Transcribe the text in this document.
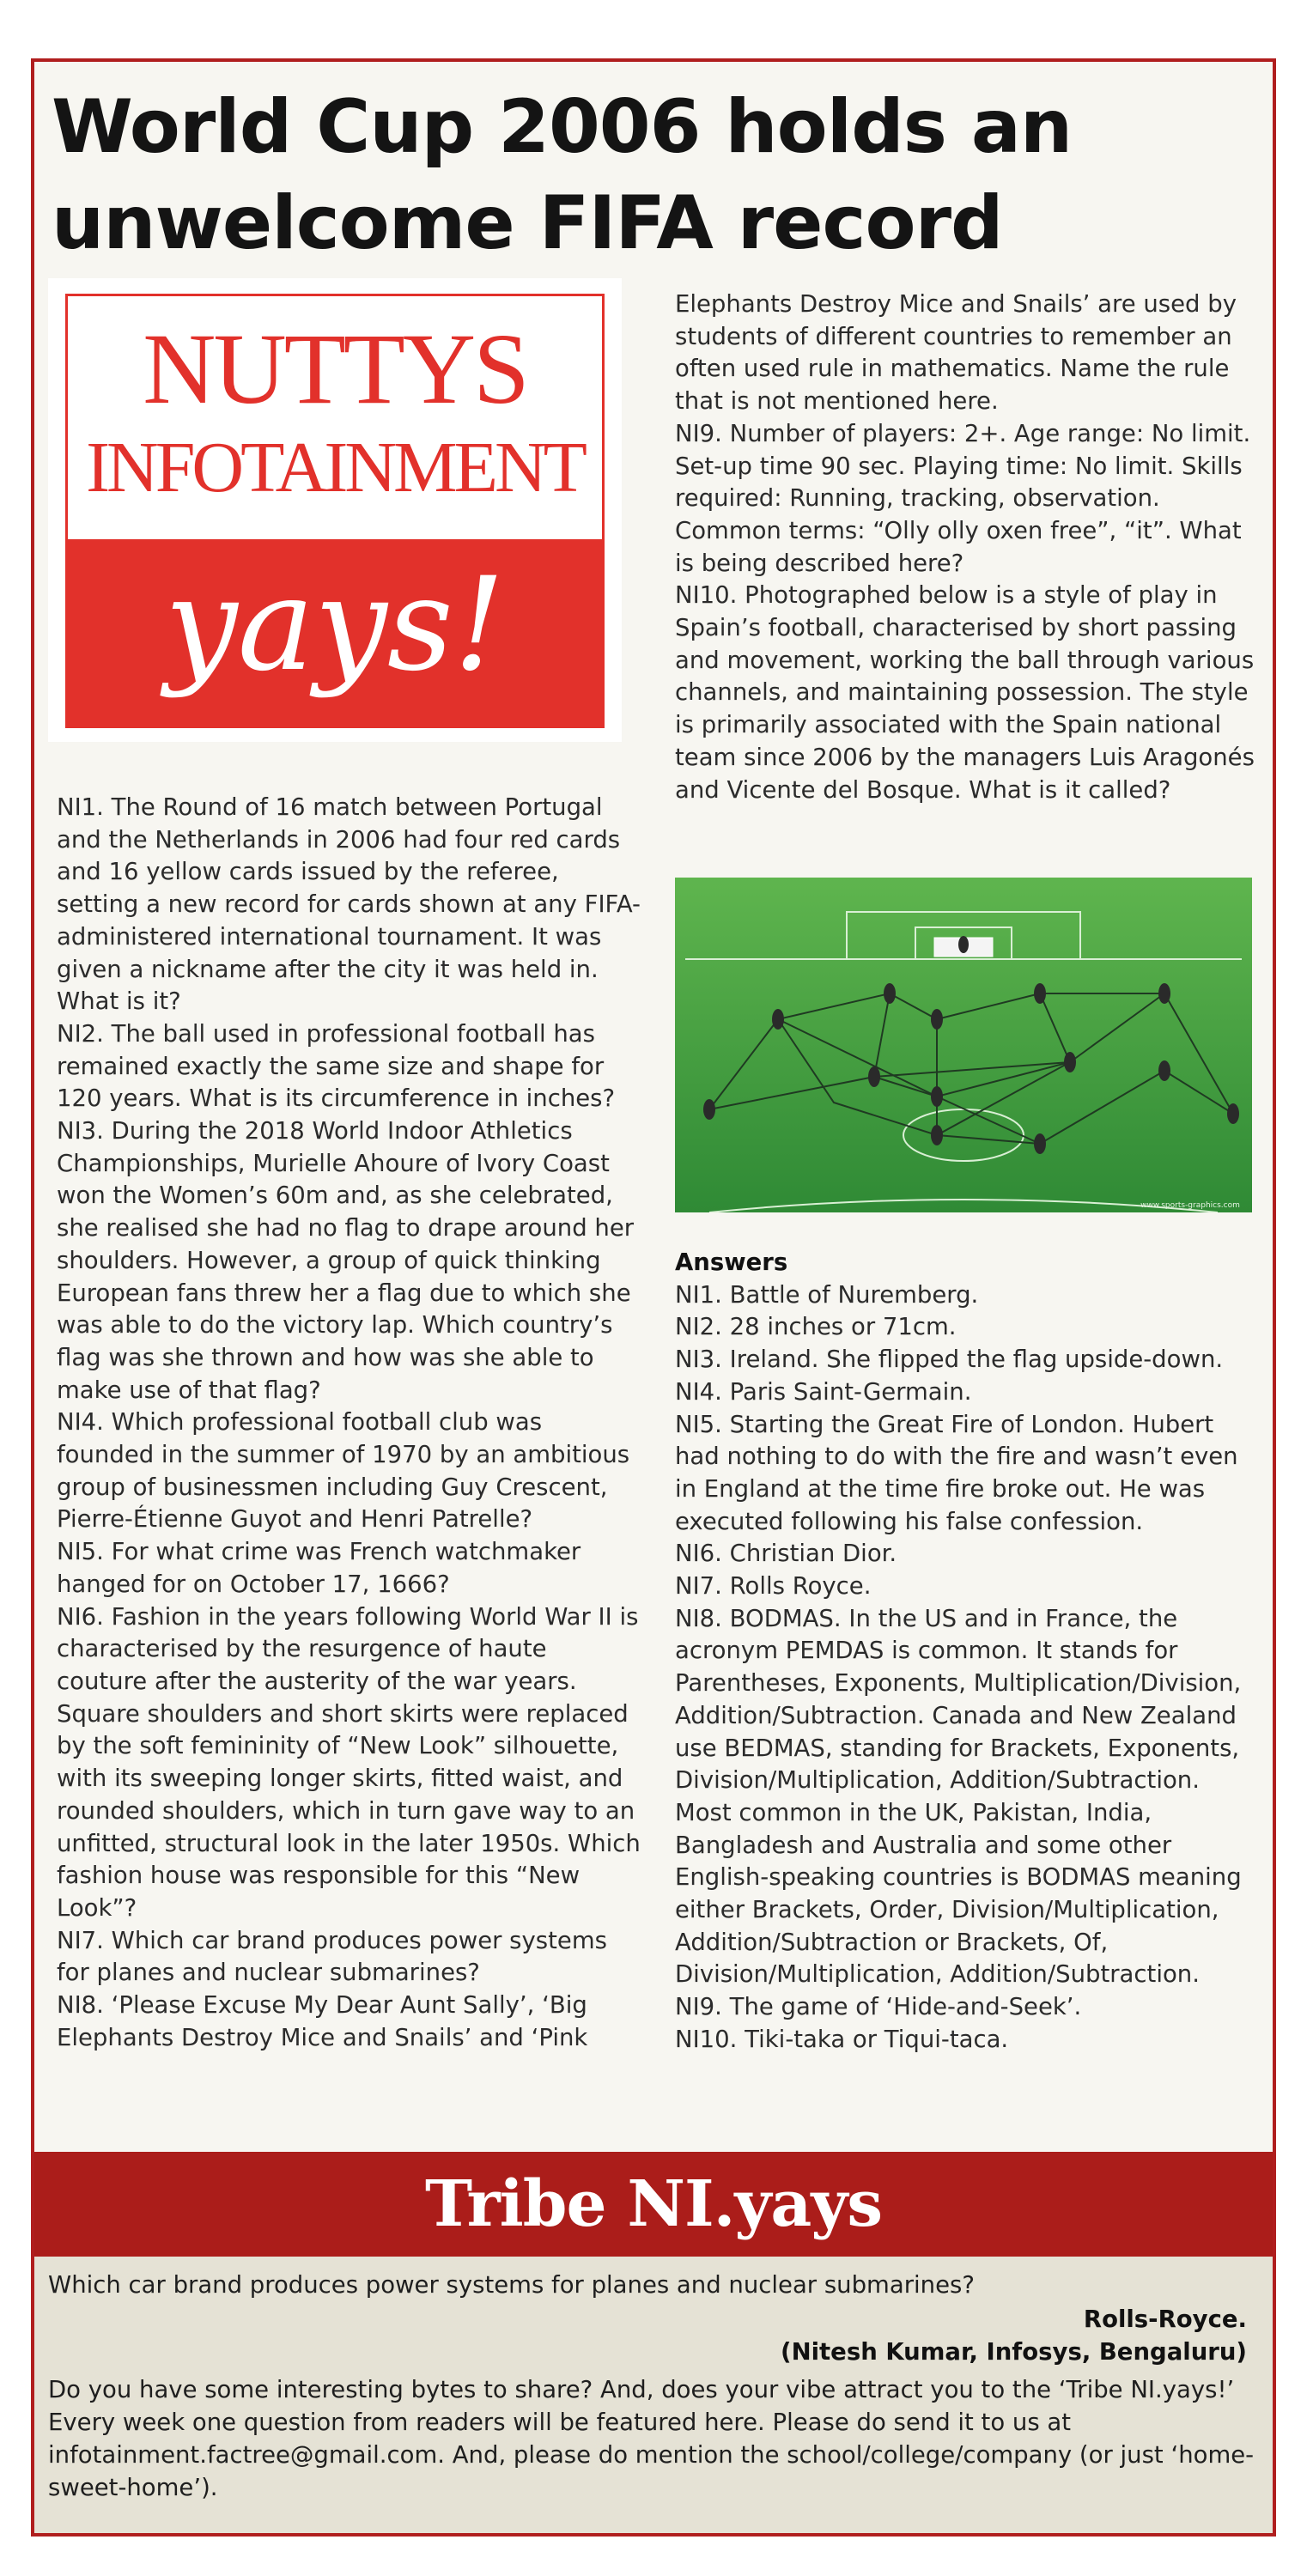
World Cup 2006 holds an unwelcome FIFA record
NUTTYS
INFOTAINMENT
yays!

NI1. The Round of 16 match between Portugal and the Netherlands in 2006 had four red cards and 16 yellow cards issued by the referee, setting a new record for cards shown at any FIFA-administered international tournament. It was given a nickname after the city it was held in. What is it?

NI2. The ball used in professional football has remained exactly the same size and shape for 120 years. What is its circumference in inches?

NI3. During the 2018 World Indoor Athletics Championships, Murielle Ahoure of Ivory Coast won the Women’s 60m and, as she celebrated, she realised she had no flag to drape around her shoulders. However, a group of quick thinking European fans threw her a flag due to which she was able to do the victory lap. Which country’s flag was she thrown and how was she able to make use of that flag?

NI4. Which professional football club was founded in the summer of 1970 by an ambitious group of businessmen including Guy Crescent, Pierre-Étienne Guyot and Henri Patrelle?

NI5. For what crime was French watchmaker hanged for on October 17, 1666?

NI6. Fashion in the years following World War II is characterised by the resurgence of haute couture after the austerity of the war years. Square shoulders and short skirts were replaced by the soft femininity of “New Look” silhouette, with its sweeping longer skirts, fitted waist, and rounded shoulders, which in turn gave way to an unfitted, structural look in the later 1950s. Which fashion house was responsible for this “New Look”?

NI7. Which car brand produces power systems for planes and nuclear submarines?

NI8. ‘Please Excuse My Dear Aunt Sally’, ‘Big Elephants Destroy Mice and Snails’ and ‘Pink

Elephants Destroy Mice and Snails’ are used by students of different countries to remember an often used rule in mathematics. Name the rule that is not mentioned here.

NI9. Number of players: 2+. Age range: No limit. Set-up time 90 sec. Playing time: No limit. Skills required: Running, tracking, observation. Common terms: “Olly olly oxen free”, “it”. What is being described here?

NI10. Photographed below is a style of play in Spain’s football, characterised by short passing and movement, working the ball through various channels, and maintaining possession. The style is primarily associated with the Spain national team since 2006 by the managers Luis Aragonés and Vicente del Bosque. What is it called?

www.sports-graphics.com

Answers

NI1. Battle of Nuremberg.

NI2. 28 inches or 71cm.

NI3. Ireland. She flipped the flag upside-down.

NI4. Paris Saint-Germain.

NI5. Starting the Great Fire of London. Hubert had nothing to do with the fire and wasn’t even in England at the time fire broke out. He was executed following his false confession.

NI6. Christian Dior.

NI7. Rolls Royce.

NI8. BODMAS. In the US and in France, the acronym PEMDAS is common. It stands for Parentheses, Exponents, Multiplication/Division, Addition/Subtraction. Canada and New Zealand use BEDMAS, standing for Brackets, Exponents, Division/Multiplication, Addition/Subtraction. Most common in the UK, Pakistan, India, Bangladesh and Australia and some other English-speaking countries is BODMAS meaning either Brackets, Order, Division/Multiplication, Addition/Subtraction or Brackets, Of, Division/Multiplication, Addition/Subtraction.

NI9. The game of ‘Hide-and-Seek’.

NI10. Tiki-taka or Tiqui-taca.

Tribe NI.yays
Which car brand produces power systems for planes and nuclear submarines?
Rolls-Royce.
(Nitesh Kumar, Infosys, Bengaluru)
Do you have some interesting bytes to share? And, does your vibe attract you to the ‘Tribe NI.yays!’ Every week one question from readers will be featured here. Please do send it to us at infotainment.factree@gmail.com. And, please do mention the school/college/company (or just ‘home-sweet-home’).
